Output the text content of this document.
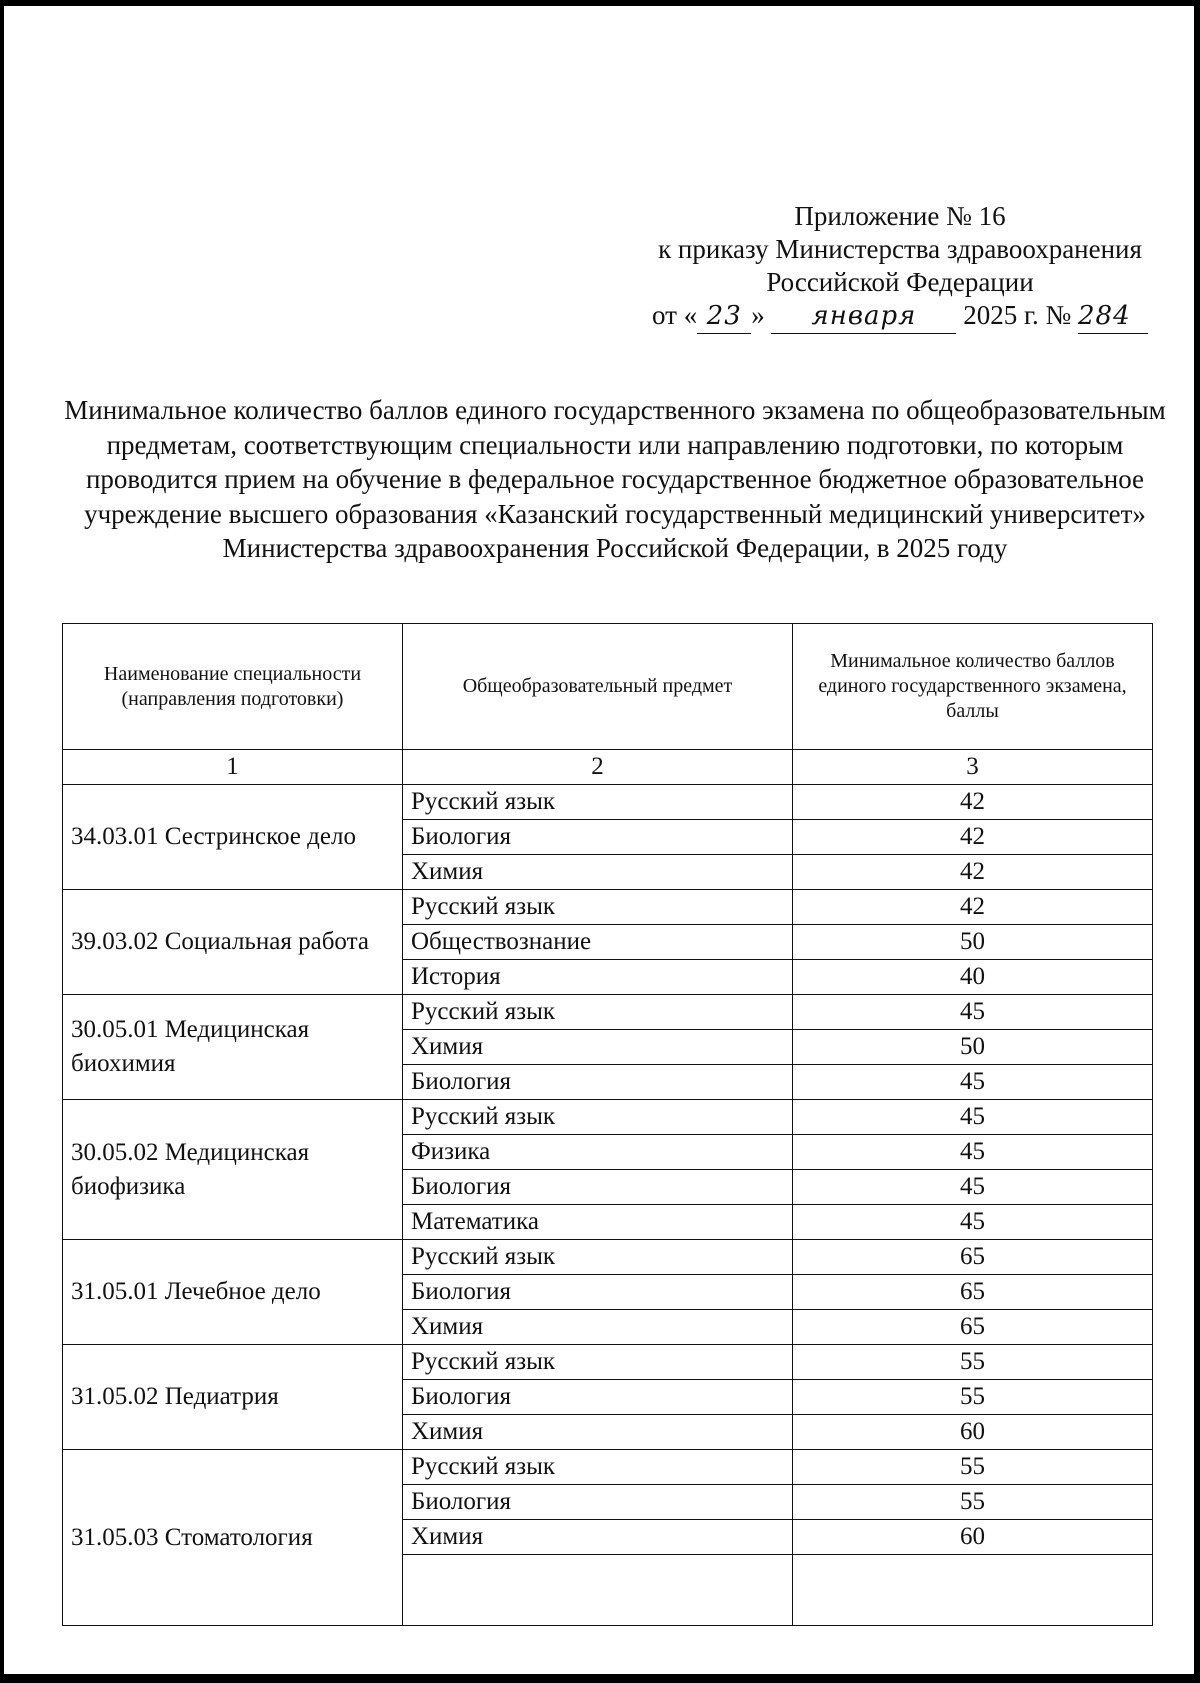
Приложение № 16
к приказу Министерства здравоохранения
Российской Федерации
от « 23 » января 2025 г. № 284
Минимальное количество баллов единого государственного экзамена по общеобразовательным предметам, соответствующим специальности или направлению подготовки, по которым проводится прием на обучение в федеральное государственное бюджетное образовательное учреждение высшего образования «Казанский государственный медицинский университет» Министерства здравоохранения Российской Федерации, в 2025 году
Наименование специальности (направления подготовки)	Общеобразовательный предмет	Минимальное количество баллов единого государственного экзамена, баллы
1	2	3
34.03.01 Сестринское дело	Русский язык	42
	Биология	42
	Химия	42
39.03.02 Социальная работа	Русский язык	42
	Обществознание	50
	История	40
30.05.01 Медицинская биохимия	Русский язык	45
	Химия	50
	Биология	45
30.05.02 Медицинская биофизика	Русский язык	45
	Физика	45
	Биология	45
	Математика	45
31.05.01 Лечебное дело	Русский язык	65
	Биология	65
	Химия	65
31.05.02 Педиатрия	Русский язык	55
	Биология	55
	Химия	60
31.05.03 Стоматология	Русский язык	55
	Биология	55
	Химия	60
